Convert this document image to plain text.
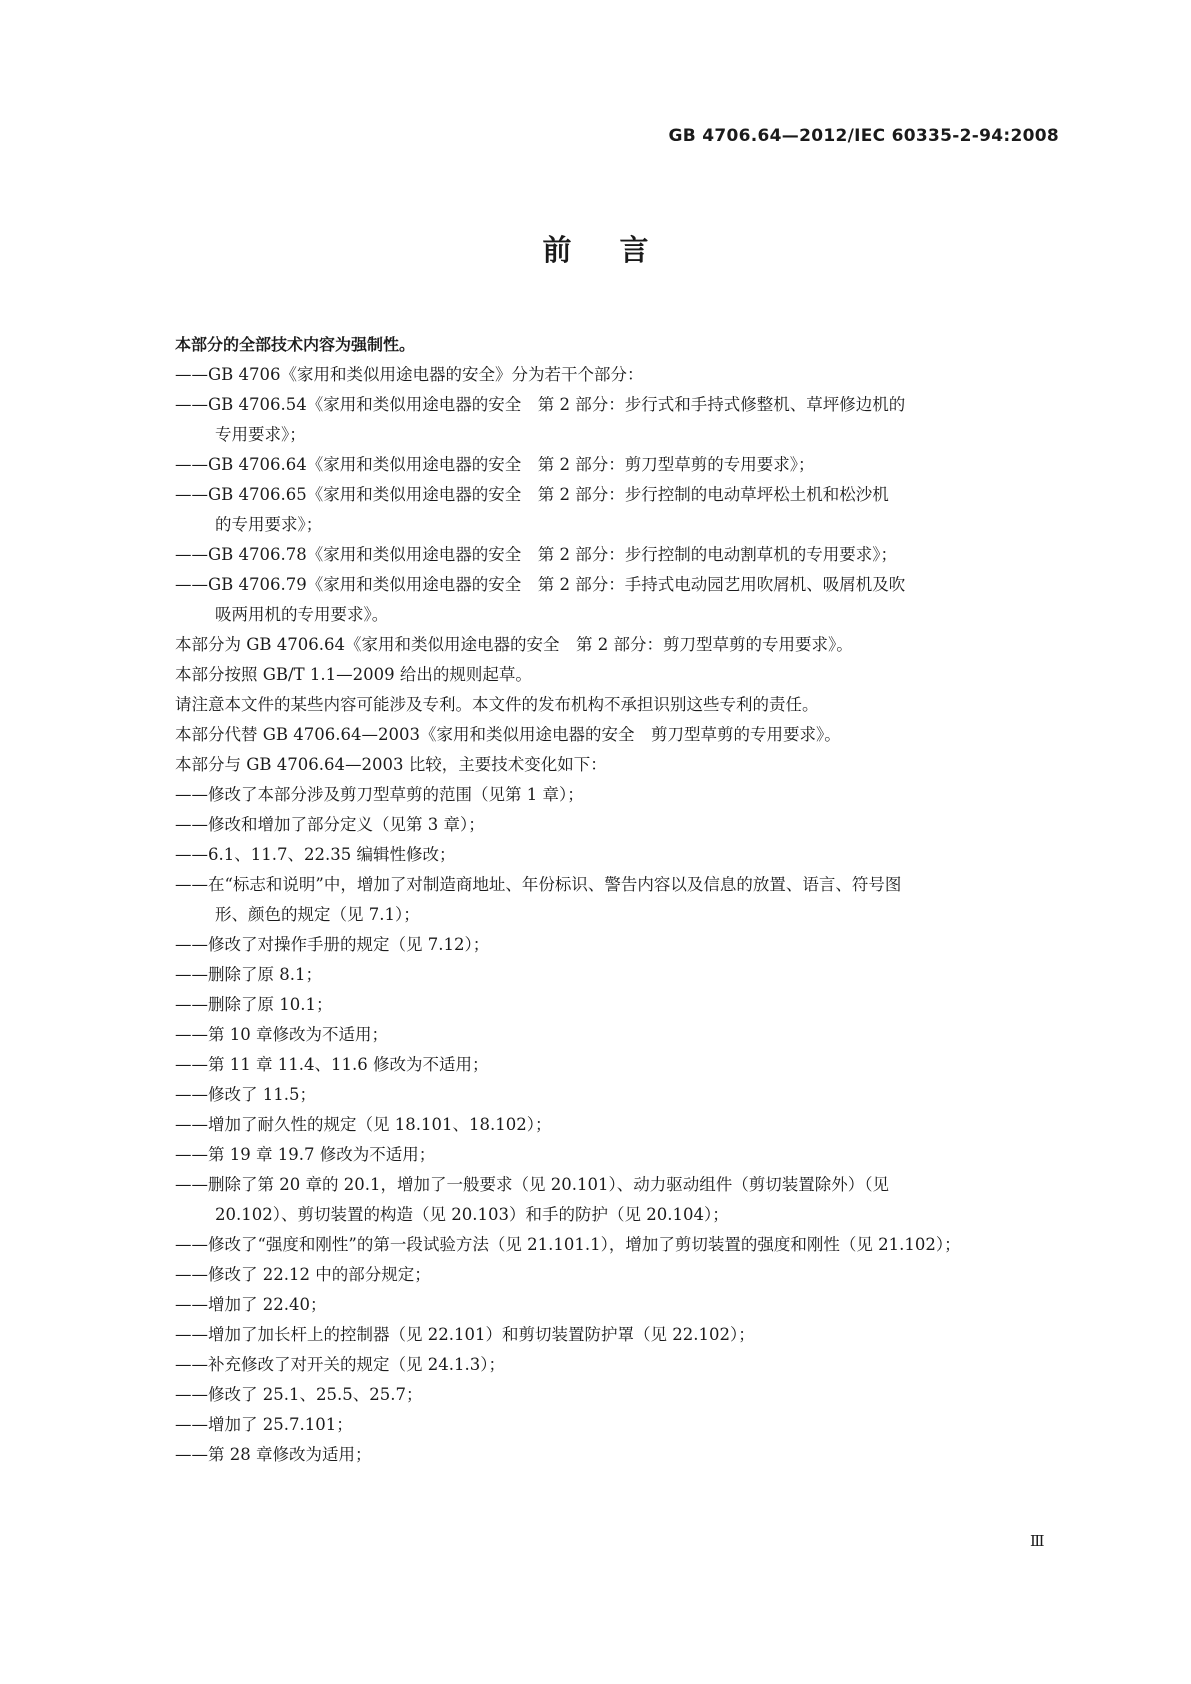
GB 4706.64—2012/IEC 60335-2-94:2008
前言
本部分的全部技术内容为强制性。
——GB 4706《家用和类似用途电器的安全》分为若干个部分：
——GB 4706.54《家用和类似用途电器的安全　第 2 部分：步行式和手持式修整机、草坪修边机的
专用要求》；
——GB 4706.64《家用和类似用途电器的安全　第 2 部分：剪刀型草剪的专用要求》；
——GB 4706.65《家用和类似用途电器的安全　第 2 部分：步行控制的电动草坪松土机和松沙机
的专用要求》；
——GB 4706.78《家用和类似用途电器的安全　第 2 部分：步行控制的电动割草机的专用要求》；
——GB 4706.79《家用和类似用途电器的安全　第 2 部分：手持式电动园艺用吹屑机、吸屑机及吹
吸两用机的专用要求》。
本部分为 GB 4706.64《家用和类似用途电器的安全　第 2 部分：剪刀型草剪的专用要求》。
本部分按照 GB/T 1.1—2009 给出的规则起草。
请注意本文件的某些内容可能涉及专利。本文件的发布机构不承担识别这些专利的责任。
本部分代替 GB 4706.64—2003《家用和类似用途电器的安全　剪刀型草剪的专用要求》。
本部分与 GB 4706.64—2003 比较，主要技术变化如下：
——修改了本部分涉及剪刀型草剪的范围（见第 1 章）；
——修改和增加了部分定义（见第 3 章）；
——6.1、11.7、22.35 编辑性修改；
——在“标志和说明”中，增加了对制造商地址、年份标识、警告内容以及信息的放置、语言、符号图
形、颜色的规定（见 7.1）；
——修改了对操作手册的规定（见 7.12）；
——删除了原 8.1；
——删除了原 10.1；
——第 10 章修改为不适用；
——第 11 章 11.4、11.6 修改为不适用；
——修改了 11.5；
——增加了耐久性的规定（见 18.101、18.102）；
——第 19 章 19.7 修改为不适用；
——删除了第 20 章的 20.1，增加了一般要求（见 20.101）、动力驱动组件（剪切装置除外）（见
20.102）、剪切装置的构造（见 20.103）和手的防护（见 20.104）；
——修改了“强度和刚性”的第一段试验方法（见 21.101.1），增加了剪切装置的强度和刚性（见 21.102）；
——修改了 22.12 中的部分规定；
——增加了 22.40；
——增加了加长杆上的控制器（见 22.101）和剪切装置防护罩（见 22.102）；
——补充修改了对开关的规定（见 24.1.3）；
——修改了 25.1、25.5、25.7；
——增加了 25.7.101；
——第 28 章修改为适用；
Ⅲ
